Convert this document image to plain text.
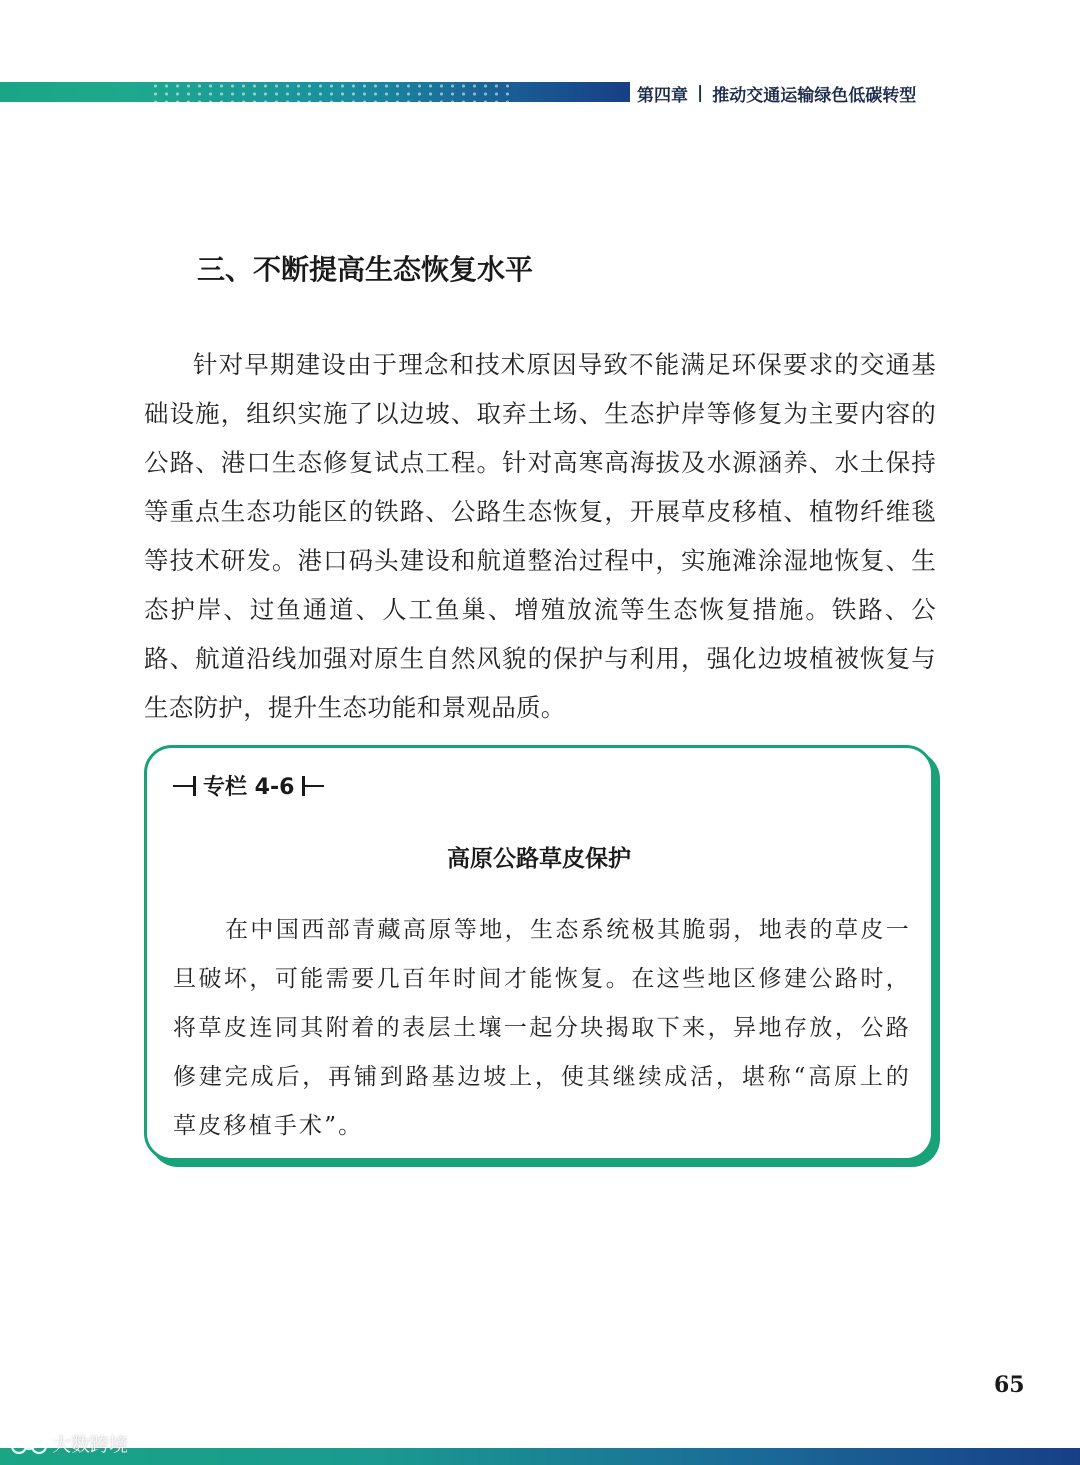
第四章 | 推动交通运输绿色低碳转型
三、不断提高生态恢复水平

针对早期建设由于理念和技术原因导致不能满足环保要求的交通基础设施，组织实施了以边坡、取弃土场、生态护岸等修复为主要内容的公路、港口生态修复试点工程。针对高寒高海拔及水源涵养、水土保持等重点生态功能区的铁路、公路生态恢复，开展草皮移植、植物纤维毯等技术研发。港口码头建设和航道整治过程中，实施滩涂湿地恢复、生态护岸、过鱼通道、人工鱼巢、增殖放流等生态恢复措施。铁路、公路、航道沿线加强对原生自然风貌的保护与利用，强化边坡植被恢复与生态防护，提升生态功能和景观品质。

专栏 4-6
高原公路草皮保护

在中国西部青藏高原等地，生态系统极其脆弱，地表的草皮一旦破坏，可能需要几百年时间才能恢复。在这些地区修建公路时，将草皮连同其附着的表层土壤一起分块揭取下来，异地存放，公路修建完成后，再铺到路基边坡上，使其继续成活，堪称“高原上的草皮移植手术”。

65
大数跨境
